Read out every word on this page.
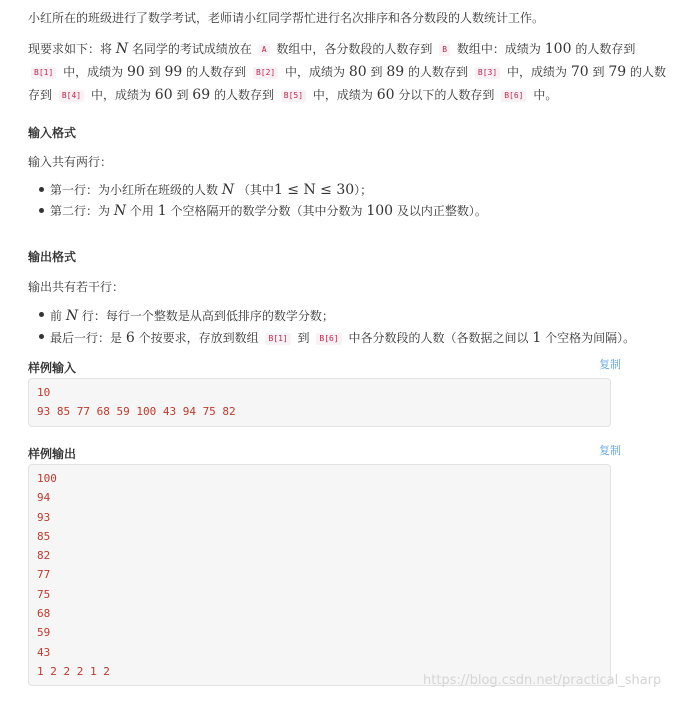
小红所在的班级进行了数学考试，老师请小红同学帮忙进行名次排序和各分数段的人数统计工作。
现要求如下：将 N 名同学的考试成绩放在 A 数组中，各分数段的人数存到 B 数组中：成绩为 100 的人数存到
B[1] 中，成绩为 90 到 99 的人数存到 B[2] 中，成绩为 80 到 89 的人数存到 B[3] 中，成绩为 70 到 79 的人数
存到 B[4] 中，成绩为 60 到 69 的人数存到 B[5] 中，成绩为 60 分以下的人数存到 B[6] 中。
输入格式
输入共有两行：
第一行：为小红所在班级的人数 N （其中1 ≤ N ≤ 30）；
第二行：为 N 个用 1 个空格隔开的数学分数（其中分数为 100 及以内正整数）。
输出格式
输出共有若干行：
前 N 行：每行一个整数是从高到低排序的数学分数；
最后一行：是 6 个按要求，存放到数组 B[1] 到 B[6] 中各分数段的人数（各数据之间以 1 个空格为间隔）。
样例输入	复制
10
93 85 77 68 59 100 43 94 75 82
样例输出	复制
100
94
93
85
82
77
75
68
59
43
1 2 2 2 1 2
https://blog.csdn.net/practical_sharp
